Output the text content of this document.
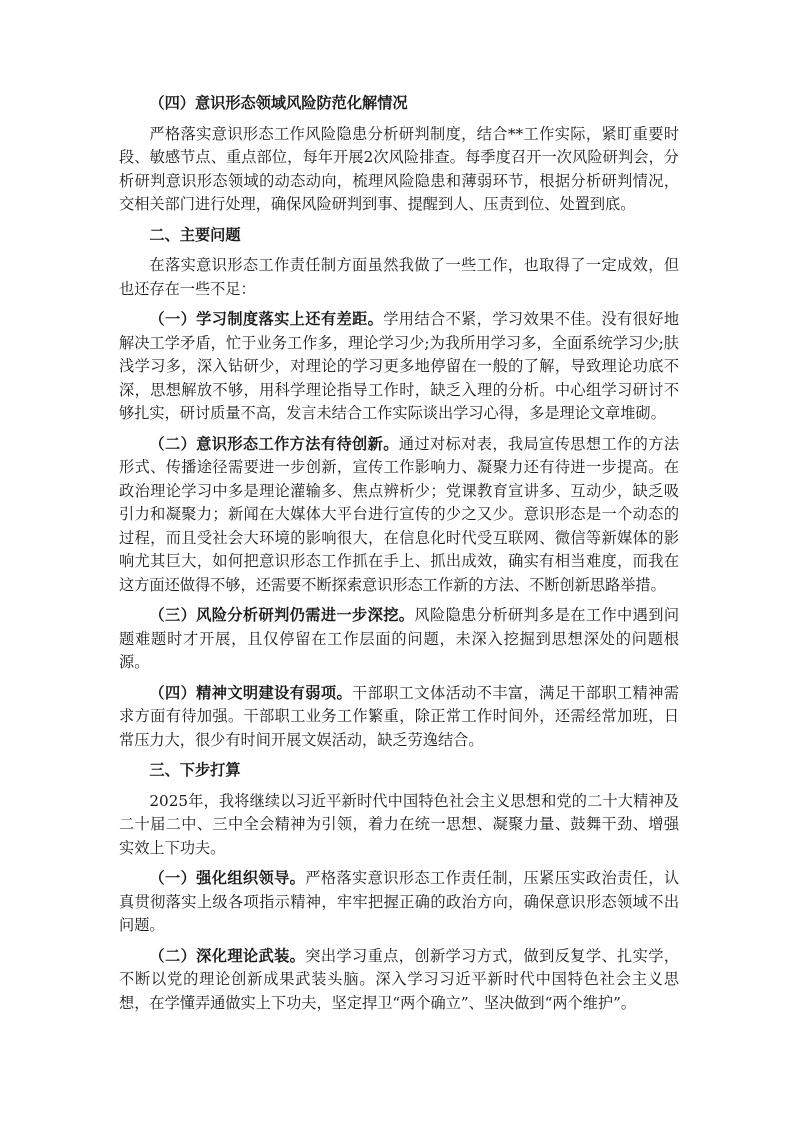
（四）意识形态领域风险防范化解情况
严格落实意识形态工作风险隐患分析研判制度，结合**工作实际，紧盯重要时段、敏感节点、重点部位，每年开展2次风险排查。每季度召开一次风险研判会，分析研判意识形态领域的动态动向，梳理风险隐患和薄弱环节，根据分析研判情况，交相关部门进行处理，确保风险研判到事、提醒到人、压责到位、处置到底。
二、主要问题
在落实意识形态工作责任制方面虽然我做了一些工作，也取得了一定成效，但也还存在一些不足：
（一）学习制度落实上还有差距。学用结合不紧，学习效果不佳。没有很好地解决工学矛盾，忙于业务工作多，理论学习少;为我所用学习多，全面系统学习少;肤浅学习多，深入钻研少，对理论的学习更多地停留在一般的了解，导致理论功底不深，思想解放不够，用科学理论指导工作时，缺乏入理的分析。中心组学习研讨不够扎实，研讨质量不高，发言未结合工作实际谈出学习心得，多是理论文章堆砌。
（二）意识形态工作方法有待创新。通过对标对表，我局宣传思想工作的方法形式、传播途径需要进一步创新，宣传工作影响力、凝聚力还有待进一步提高。在政治理论学习中多是理论灌输多、焦点辨析少；党课教育宣讲多、互动少，缺乏吸引力和凝聚力；新闻在大媒体大平台进行宣传的少之又少。意识形态是一个动态的过程，而且受社会大环境的影响很大，在信息化时代受互联网、微信等新媒体的影响尤其巨大，如何把意识形态工作抓在手上、抓出成效，确实有相当难度，而我在这方面还做得不够，还需要不断探索意识形态工作新的方法、不断创新思路举措。
（三）风险分析研判仍需进一步深挖。风险隐患分析研判多是在工作中遇到问题难题时才开展，且仅停留在工作层面的问题，未深入挖掘到思想深处的问题根源。
（四）精神文明建设有弱项。干部职工文体活动不丰富，满足干部职工精神需求方面有待加强。干部职工业务工作繁重，除正常工作时间外，还需经常加班，日常压力大，很少有时间开展文娱活动，缺乏劳逸结合。
三、下步打算
2025年，我将继续以习近平新时代中国特色社会主义思想和党的二十大精神及二十届二中、三中全会精神为引领，着力在统一思想、凝聚力量、鼓舞干劲、增强实效上下功夫。
（一）强化组织领导。严格落实意识形态工作责任制，压紧压实政治责任，认真贯彻落实上级各项指示精神，牢牢把握正确的政治方向，确保意识形态领域不出问题。
（二）深化理论武装。突出学习重点，创新学习方式，做到反复学、扎实学，不断以党的理论创新成果武装头脑。深入学习习近平新时代中国特色社会主义思想，在学懂弄通做实上下功夫，坚定捍卫“两个确立”、坚决做到“两个维护”。
